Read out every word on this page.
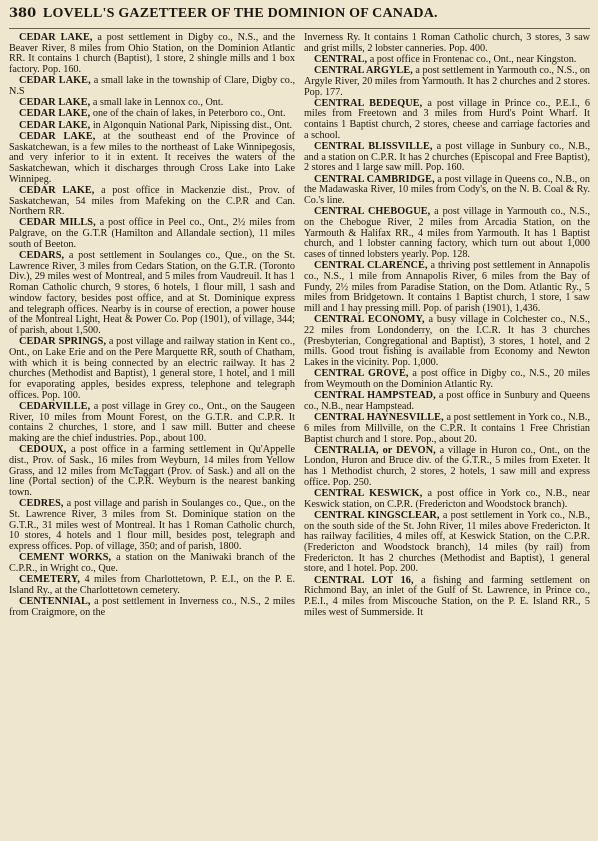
380 LOVELL'S GAZETTEER OF THE DOMINION OF CANADA.

CEDAR LAKE, a post settlement in Digby co., N.S., and the Beaver River, 8 miles from Ohio Station, on the Dominion Atlantic RR. It contains 1 church (Baptist), 1 store, 2 shingle mills and 1 box factory. Pop. 160.

CEDAR LAKE, a small lake in the township of Clare, Digby co., N.S

CEDAR LAKE, a small lake in Lennox co., Ont.

CEDAR LAKE, one of the chain of lakes, in Peterboro co., Ont.

CEDAR LAKE, in Algonquin National Park, Nipissing dist., Ont.

CEDAR LAKE, at the southeast end of the Province of Saskatchewan, is a few miles to the northeast of Lake Winnipegosis, and very inferior to it in extent. It receives the waters of the Saskatchewan, which it discharges through Cross Lake into Lake Winnipeg.

CEDAR LAKE, a post office in Mackenzie dist., Prov. of Saskatchewan, 54 miles from Mafeking on the C.P.R and Can. Northern RR.

CEDAR MILLS, a post office in Peel co., Ont., 2½ miles from Palgrave, on the G.T.R (Hamilton and Allandale section), 11 miles south of Beeton.

CEDARS, a post settlement in Soulanges co., Que., on the St. Lawrence River, 3 miles from Cedars Station, on the G.T.R. (Toronto Div.), 29 miles west of Montreal, and 5 miles from Vaudreuil. It has 1 Roman Catholic church, 9 stores, 6 hotels, 1 flour mill, 1 sash and window factory, besides post office, and at St. Dominique express and telegraph offices. Nearby is in course of erection, a power house of the Montreal Light, Heat & Power Co. Pop (1901), of village, 344; of parish, about 1,500.

CEDAR SPRINGS, a post village and railway station in Kent co., Ont., on Lake Erie and on the Pere Marquette RR, south of Chatham, with which it is being connected by an electric railway. It has 2 churches (Methodist and Baptist), 1 general store, 1 hotel, and 1 mill for evaporating apples, besides express, telephone and telegraph offices. Pop. 100.

CEDARVILLE, a post village in Grey co., Ont., on the Saugeen River, 10 miles from Mount Forest, on the G.T.R. and C.P.R. It contains 2 churches, 1 store, and 1 saw mill. Butter and cheese making are the chief industries. Pop., about 100.

CEDOUX, a post office in a farming settlement in Qu'Appelle dist., Prov. of Sask., 16 miles from Weyburn, 14 miles from Yellow Grass, and 12 miles from McTaggart (Prov. of Sask.) and all on the line (Portal section) of the C.P.R. Weyburn is the nearest banking town.

CEDRES, a post village and parish in Soulanges co., Que., on the St. Lawrence River, 3 miles from St. Dominique station on the G.T.R., 31 miles west of Montreal. It has 1 Roman Catholic church, 10 stores, 4 hotels and 1 flour mill, besides post, telegraph and express offices. Pop. of village, 350; and of parish, 1800.

CEMENT WORKS, a station on the Maniwaki branch of the C.P.R., in Wright co., Que.

CEMETERY, 4 miles from Charlottetown, P. E.I., on the P. E. Island Ry., at the Charlottetown cemetery.

CENTENNIAL, a post settlement in Inverness co., N.S., 2 miles from Craigmore, on the

Inverness Ry. It contains 1 Roman Catholic church, 3 stores, 3 saw and grist mills, 2 lobster canneries. Pop. 400.

CENTRAL, a post office in Frontenac co., Ont., near Kingston.

CENTRAL ARGYLE, a post settlement in Yarmouth co., N.S., on Argyle River, 20 miles from Yarmouth. It has 2 churches and 2 stores. Pop. 177.

CENTRAL BEDEQUE, a post village in Prince co., P.E.I., 6 miles from Freetown and 3 miles from Hurd's Point Wharf. It contains 1 Baptist church, 2 stores, cheese and carriage factories and a school.

CENTRAL BLISSVILLE, a post village in Sunbury co., N.B., and a station on C.P.R. It has 2 churches (Episcopal and Free Baptist), 2 stores and 1 large saw mill. Pop. 160.

CENTRAL CAMBRIDGE, a post village in Queens co., N.B., on the Madawaska River, 10 miles from Cody's, on the N. B. Coal & Ry. Co.'s line.

CENTRAL CHEBOGUE, a post village in Yarmouth co., N.S., on the Chebogue River, 2 miles from Arcadia Station, on the Yarmouth & Halifax RR., 4 miles from Yarmouth. It has 1 Baptist church, and 1 lobster canning factory, which turn out about 1,000 cases of tinned lobsters yearly. Pop. 128.

CENTRAL CLARENCE, a thriving post settlement in Annapolis co., N.S., 1 mile from Annapolis River, 6 miles from the Bay of Fundy, 2½ miles from Paradise Station, on the Dom. Atlantic Ry., 5 miles from Bridgetown. It contains 1 Baptist church, 1 store, 1 saw mill and 1 hay pressing mill. Pop. of parish (1901), 1,436.

CENTRAL ECONOMY, a busy village in Colchester co., N.S., 22 miles from Londonderry, on the I.C.R. It has 3 churches (Presbyterian, Congregational and Baptist), 3 stores, 1 hotel, and 2 mills. Good trout fishing is available from Economy and Newton Lakes in the vicinity. Pop. 1,000.

CENTRAL GROVE, a post office in Digby co., N.S., 20 miles from Weymouth on the Dominion Atlantic Ry.

CENTRAL HAMPSTEAD, a post office in Sunbury and Queens co., N.B., near Hampstead.

CENTRAL HAYNESVILLE, a post settlement in York co., N.B., 6 miles from Millville, on the C.P.R. It contains 1 Free Christian Baptist church and 1 store. Pop., about 20.

CENTRALIA, or DEVON, a village in Huron co., Ont., on the London, Huron and Bruce div. of the G.T.R., 5 miles from Exeter. It has 1 Methodist church, 2 stores, 2 hotels, 1 saw mill and express office. Pop. 250.

CENTRAL KESWICK, a post office in York co., N.B., near Keswick station, on C.P.R. (Fredericton and Woodstock branch).

CENTRAL KINGSCLEAR, a post settlement in York co., N.B., on the south side of the St. John River, 11 miles above Fredericton. It has railway facilities, 4 miles off, at Keswick Station, on the C.P.R. (Fredericton and Woodstock branch), 14 miles (by rail) from Fredericton. It has 2 churches (Methodist and Baptist), 1 general store, and 1 hotel. Pop. 200.

CENTRAL LOT 16, a fishing and farming settlement on Richmond Bay, an inlet of the Gulf of St. Lawrence, in Prince co., P.E.I., 4 miles from Miscouche Station, on the P. E. Island RR., 5 miles west of Summerside. It
